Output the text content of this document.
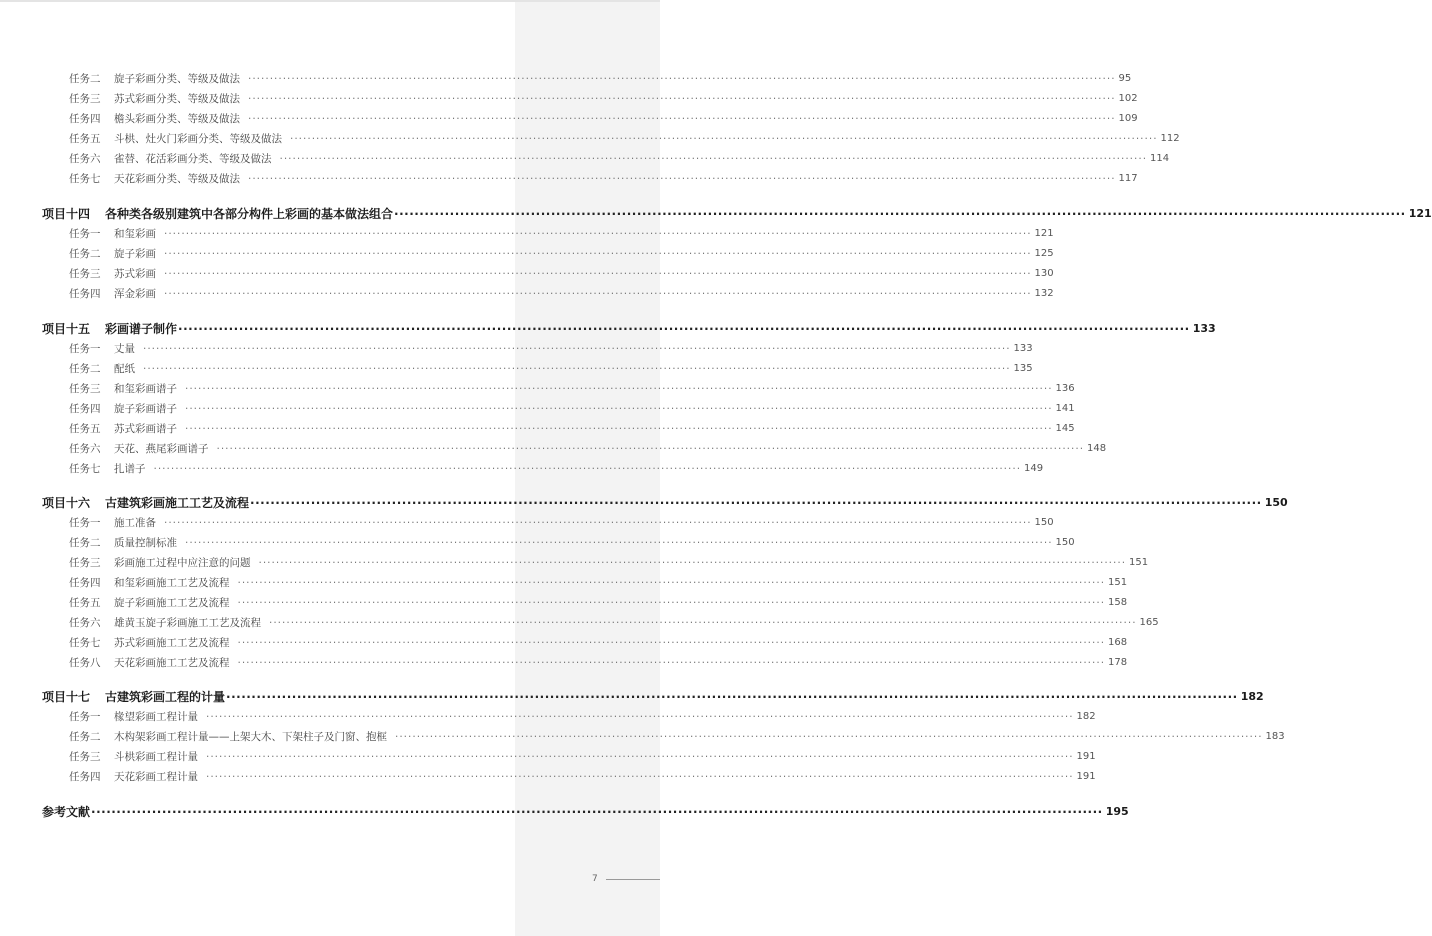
任务二	旋子彩画分类、等级及做法 ········································································································································································································ 95
任务三	苏式彩画分类、等级及做法 ········································································································································································································ 102
任务四	檐头彩画分类、等级及做法 ········································································································································································································ 109
任务五	斗栱、灶火门彩画分类、等级及做法 ········································································································································································································ 112
任务六	雀替、花活彩画分类、等级及做法 ········································································································································································································ 114
任务七	天花彩画分类、等级及做法 ········································································································································································································ 117
项目十四	各种类各级别建筑中各部分构件上彩画的基本做法组合 ········································································································································································································ 121
任务一	和玺彩画 ········································································································································································································ 121
任务二	旋子彩画 ········································································································································································································ 125
任务三	苏式彩画 ········································································································································································································ 130
任务四	浑金彩画 ········································································································································································································ 132
项目十五	彩画谱子制作 ········································································································································································································ 133
任务一	丈量 ········································································································································································································ 133
任务二	配纸 ········································································································································································································ 135
任务三	和玺彩画谱子 ········································································································································································································ 136
任务四	旋子彩画谱子 ········································································································································································································ 141
任务五	苏式彩画谱子 ········································································································································································································ 145
任务六	天花、燕尾彩画谱子 ········································································································································································································ 148
任务七	扎谱子 ········································································································································································································ 149
项目十六	古建筑彩画施工工艺及流程 ········································································································································································································ 150
任务一	施工准备 ········································································································································································································ 150
任务二	质量控制标准 ········································································································································································································ 150
任务三	彩画施工过程中应注意的问题 ········································································································································································································ 151
任务四	和玺彩画施工工艺及流程 ········································································································································································································ 151
任务五	旋子彩画施工工艺及流程 ········································································································································································································ 158
任务六	雄黄玉旋子彩画施工工艺及流程 ········································································································································································································ 165
任务七	苏式彩画施工工艺及流程 ········································································································································································································ 168
任务八	天花彩画施工工艺及流程 ········································································································································································································ 178
项目十七	古建筑彩画工程的计量 ········································································································································································································ 182
任务一	椽望彩画工程计量 ········································································································································································································ 182
任务二	木构架彩画工程计量——上架大木、下架柱子及门窗、抱框 ········································································································································································································ 183
任务三	斗栱彩画工程计量 ········································································································································································································ 191
任务四	天花彩画工程计量 ········································································································································································································ 191
参考文献 ········································································································································································································ 195
7
